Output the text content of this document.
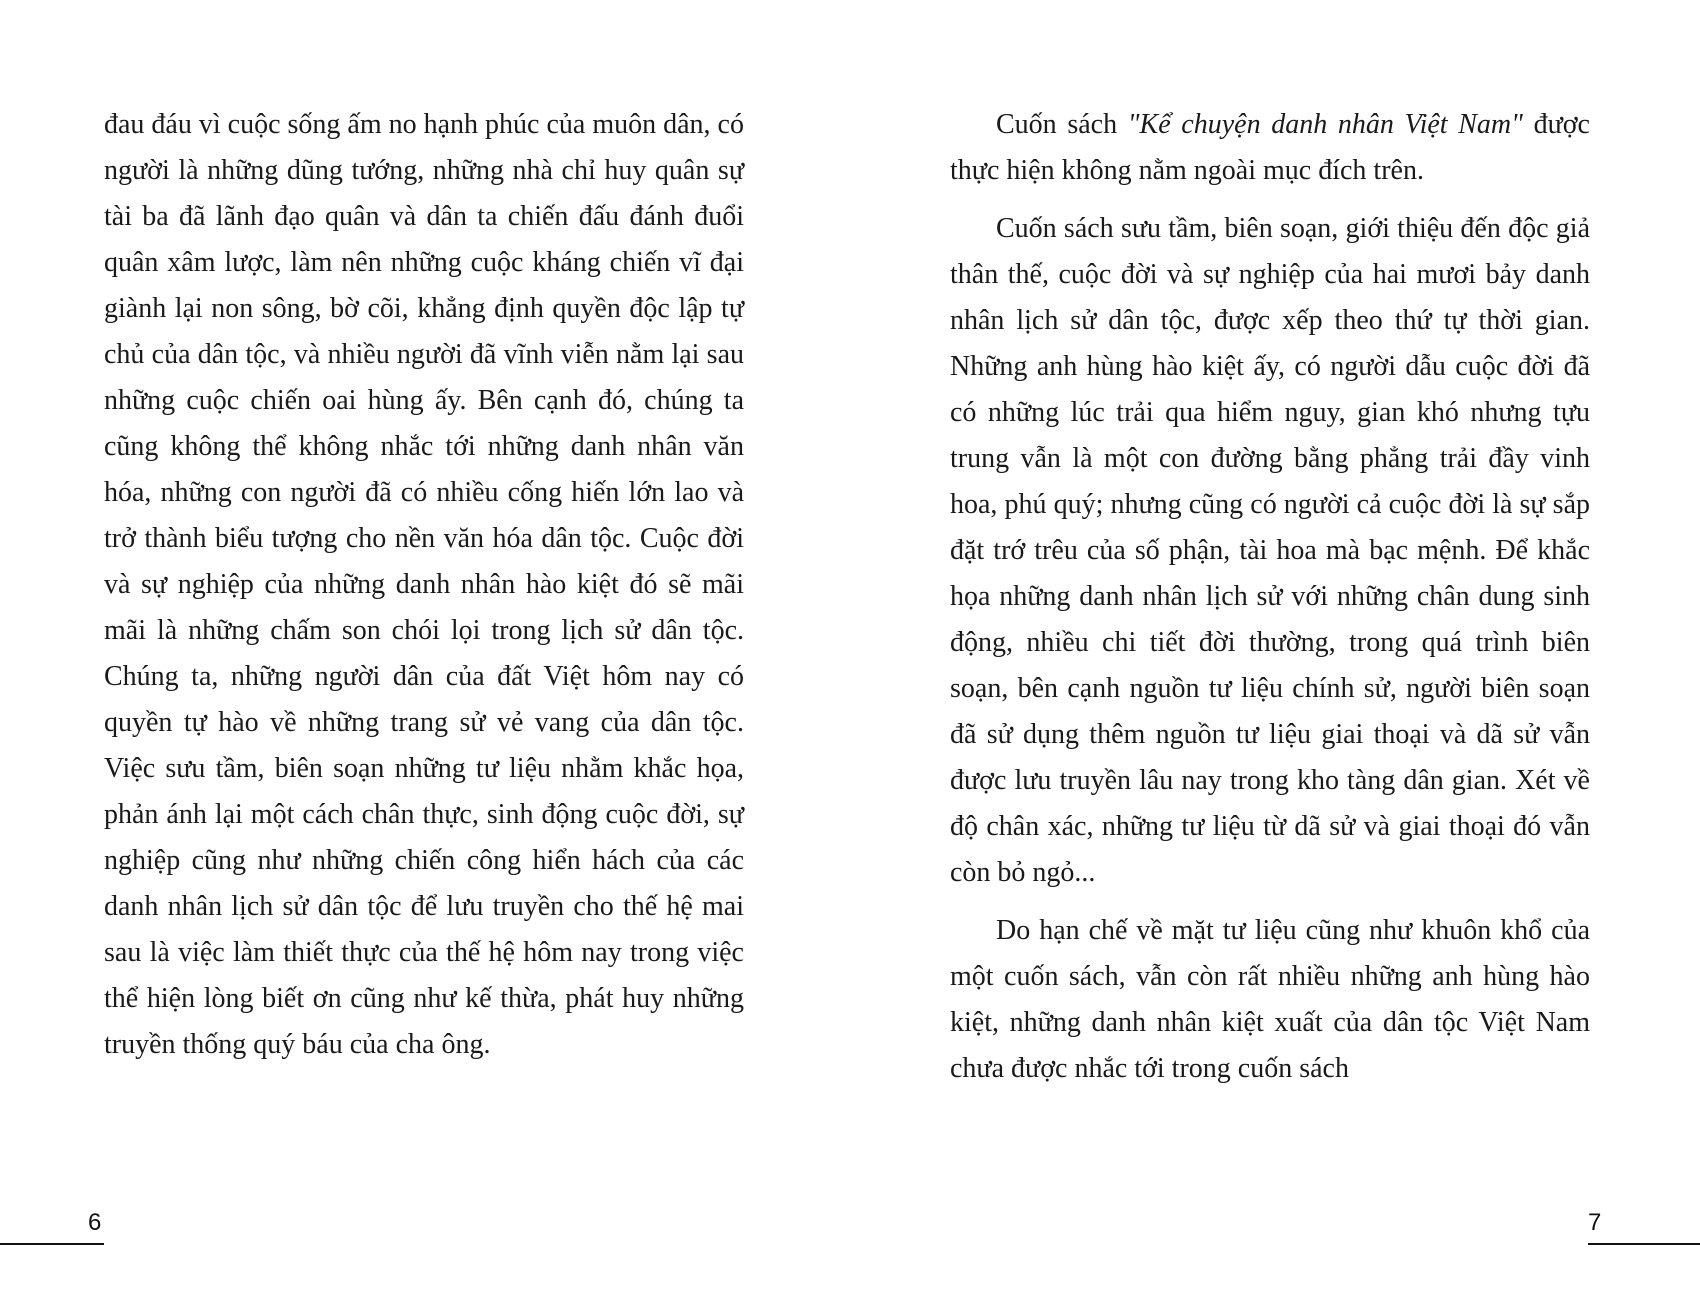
đau đáu vì cuộc sống ấm no hạnh phúc của muôn dân, có người là những dũng tướng, những nhà chỉ huy quân sự tài ba đã lãnh đạo quân và dân ta chiến đấu đánh đuổi quân xâm lược, làm nên những cuộc kháng chiến vĩ đại giành lại non sông, bờ cõi, khẳng định quyền độc lập tự chủ của dân tộc, và nhiều người đã vĩnh viễn nằm lại sau những cuộc chiến oai hùng ấy. Bên cạnh đó, chúng ta cũng không thể không nhắc tới những danh nhân văn hóa, những con người đã có nhiều cống hiến lớn lao và trở thành biểu tượng cho nền văn hóa dân tộc. Cuộc đời và sự nghiệp của những danh nhân hào kiệt đó sẽ mãi mãi là những chấm son chói lọi trong lịch sử dân tộc. Chúng ta, những người dân của đất Việt hôm nay có quyền tự hào về những trang sử vẻ vang của dân tộc. Việc sưu tầm, biên soạn những tư liệu nhằm khắc họa, phản ánh lại một cách chân thực, sinh động cuộc đời, sự nghiệp cũng như những chiến công hiển hách của các danh nhân lịch sử dân tộc để lưu truyền cho thế hệ mai sau là việc làm thiết thực của thế hệ hôm nay trong việc thể hiện lòng biết ơn cũng như kế thừa, phát huy những truyền thống quý báu của cha ông.

6

Cuốn sách "Kể chuyện danh nhân Việt Nam" được thực hiện không nằm ngoài mục đích trên.

Cuốn sách sưu tầm, biên soạn, giới thiệu đến độc giả thân thế, cuộc đời và sự nghiệp của hai mươi bảy danh nhân lịch sử dân tộc, được xếp theo thứ tự thời gian. Những anh hùng hào kiệt ấy, có người dẫu cuộc đời đã có những lúc trải qua hiểm nguy, gian khó nhưng tựu trung vẫn là một con đường bằng phẳng trải đầy vinh hoa, phú quý; nhưng cũng có người cả cuộc đời là sự sắp đặt trớ trêu của số phận, tài hoa mà bạc mệnh. Để khắc họa những danh nhân lịch sử với những chân dung sinh động, nhiều chi tiết đời thường, trong quá trình biên soạn, bên cạnh nguồn tư liệu chính sử, người biên soạn đã sử dụng thêm nguồn tư liệu giai thoại và dã sử vẫn được lưu truyền lâu nay trong kho tàng dân gian. Xét về độ chân xác, những tư liệu từ dã sử và giai thoại đó vẫn còn bỏ ngỏ...

Do hạn chế về mặt tư liệu cũng như khuôn khổ của một cuốn sách, vẫn còn rất nhiều những anh hùng hào kiệt, những danh nhân kiệt xuất của dân tộc Việt Nam chưa được nhắc tới trong cuốn sách

7
